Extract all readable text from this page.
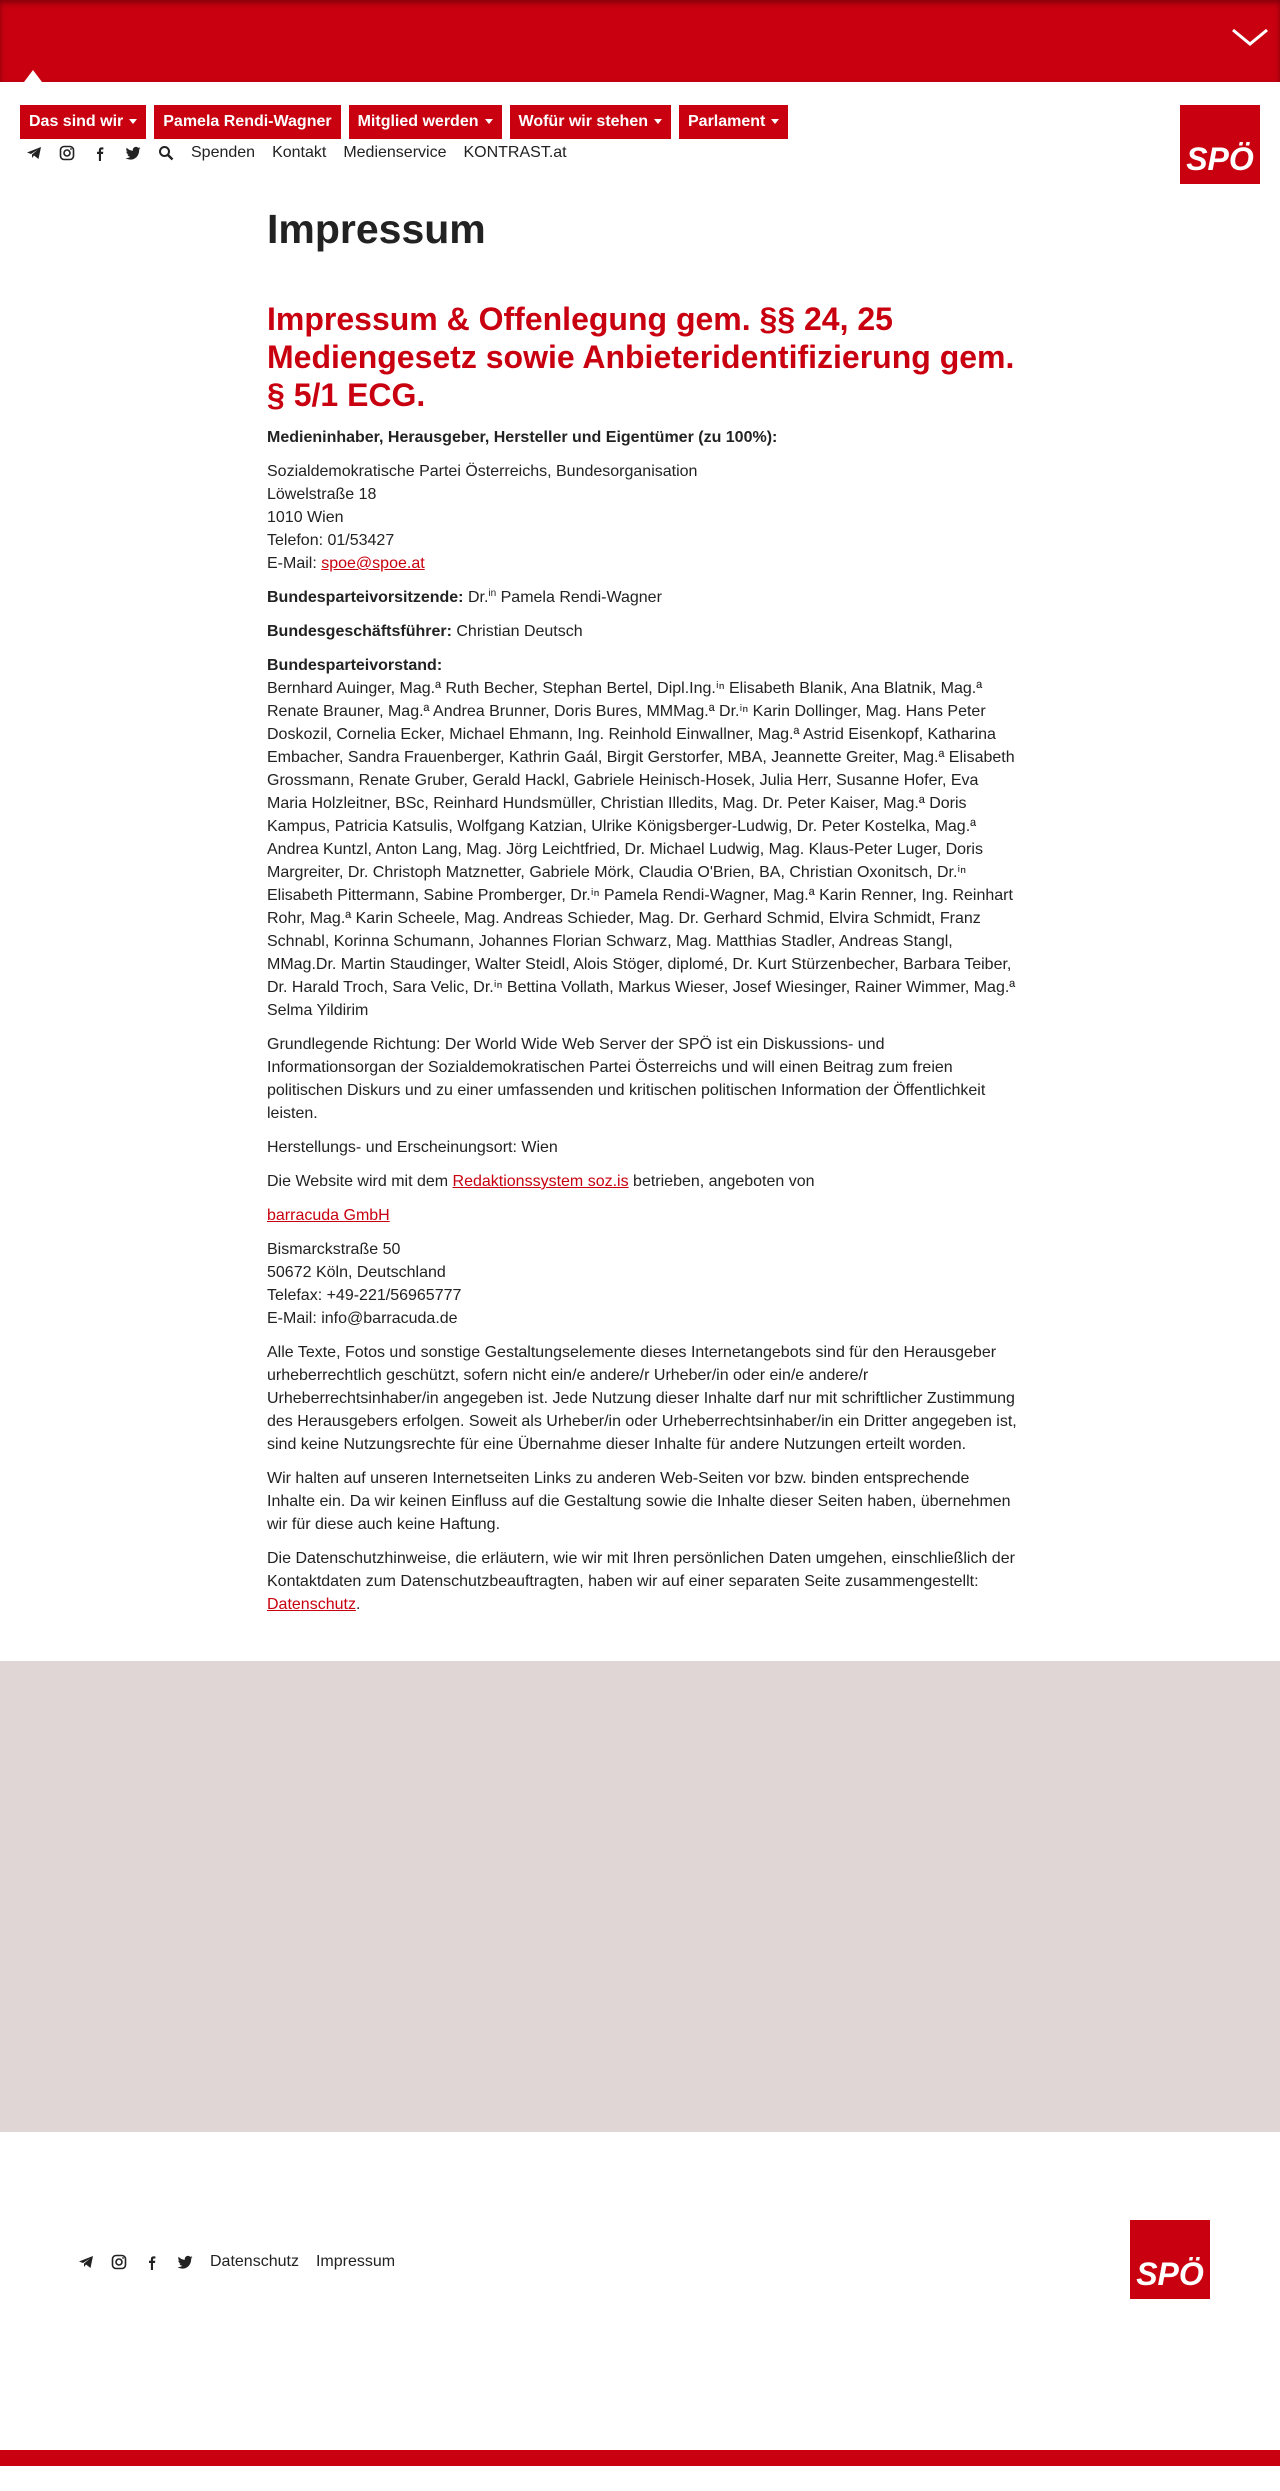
Das sind wir	Pamela Rendi-Wagner	Mitglied werden	Wofür wir stehen	Parlament
Spenden Kontakt Medienservice KONTRAST.at	SPÖ
Impressum
Impressum & Offenlegung gem. §§ 24, 25 Mediengesetz sowie Anbieteridentifizierung gem. § 5/1 ECG.

Medieninhaber, Herausgeber, Hersteller und Eigentümer (zu 100%):

Sozialdemokratische Partei Österreichs, Bundesorganisation
Löwelstraße 18
1010 Wien
Telefon: 01/53427
E-Mail: spoe@spoe.at

Bundesparteivorsitzende: Dr.$^{in}$ Pamela Rendi-Wagner

Bundesgeschäftsführer: Christian Deutsch

Bundesparteivorstand:
Bernhard Auinger, Mag.ª Ruth Becher, Stephan Bertel, Dipl.Ing.ⁱⁿ Elisabeth Blanik, Ana Blatnik, Mag.ª Renate Brauner, Mag.ª Andrea Brunner, Doris Bures, MMMag.ª Dr.ⁱⁿ Karin Dollinger, Mag. Hans Peter Doskozil, Cornelia Ecker, Michael Ehmann, Ing. Reinhold Einwallner, Mag.ª Astrid Eisenkopf, Katharina Embacher, Sandra Frauenberger, Kathrin Gaál, Birgit Gerstorfer, MBA, Jeannette Greiter, Mag.ª Elisabeth Grossmann, Renate Gruber, Gerald Hackl, Gabriele Heinisch-Hosek, Julia Herr, Susanne Hofer, Eva Maria Holzleitner, BSc, Reinhard Hundsmüller, Christian Illedits, Mag. Dr. Peter Kaiser, Mag.ª Doris Kampus, Patricia Katsulis, Wolfgang Katzian, Ulrike Königsberger-Ludwig, Dr. Peter Kostelka, Mag.ª Andrea Kuntzl, Anton Lang, Mag. Jörg Leichtfried, Dr. Michael Ludwig, Mag. Klaus-Peter Luger, Doris Margreiter, Dr. Christoph Matznetter, Gabriele Mörk, Claudia O'Brien, BA, Christian Oxonitsch, Dr.ⁱⁿ Elisabeth Pittermann, Sabine Promberger, Dr.ⁱⁿ Pamela Rendi-Wagner, Mag.ª Karin Renner, Ing. Reinhart Rohr, Mag.ª Karin Scheele, Mag. Andreas Schieder, Mag. Dr. Gerhard Schmid, Elvira Schmidt, Franz Schnabl, Korinna Schumann, Johannes Florian Schwarz, Mag. Matthias Stadler, Andreas Stangl, MMag.Dr. Martin Staudinger, Walter Steidl, Alois Stöger, diplomé, Dr. Kurt Stürzenbecher, Barbara Teiber, Dr. Harald Troch, Sara Velic, Dr.ⁱⁿ Bettina Vollath, Markus Wieser, Josef Wiesinger, Rainer Wimmer, Mag.ª Selma Yildirim

Grundlegende Richtung: Der World Wide Web Server der SPÖ ist ein Diskussions- und Informationsorgan der Sozialdemokratischen Partei Österreichs und will einen Beitrag zum freien politischen Diskurs und zu einer umfassenden und kritischen politischen Information der Öffentlichkeit leisten.

Herstellungs- und Erscheinungsort: Wien

Die Website wird mit dem Redaktionssystem soz.is betrieben, angeboten von

barracuda GmbH

Bismarckstraße 50
50672 Köln, Deutschland
Telefax: +49-221/56965777
E-Mail: info@barracuda.de

Alle Texte, Fotos und sonstige Gestaltungselemente dieses Internetangebots sind für den Herausgeber urheberrechtlich geschützt, sofern nicht ein/e andere/r Urheber/in oder ein/e andere/r Urheberrechtsinhaber/in angegeben ist. Jede Nutzung dieser Inhalte darf nur mit schriftlicher Zustimmung des Herausgebers erfolgen. Soweit als Urheber/in oder Urheberrechtsinhaber/in ein Dritter angegeben ist, sind keine Nutzungsrechte für eine Übernahme dieser Inhalte für andere Nutzungen erteilt worden.

Wir halten auf unseren Internetseiten Links zu anderen Web-Seiten vor bzw. binden entsprechende Inhalte ein. Da wir keinen Einfluss auf die Gestaltung sowie die Inhalte dieser Seiten haben, übernehmen wir für diese auch keine Haftung.

Die Datenschutzhinweise, die erläutern, wie wir mit Ihren persönlichen Daten umgehen, einschließlich der Kontaktdaten zum Datenschutzbeauftragten, haben wir auf einer separaten Seite zusammengestellt: Datenschutz.

Datenschutz Impressum	SPÖ
